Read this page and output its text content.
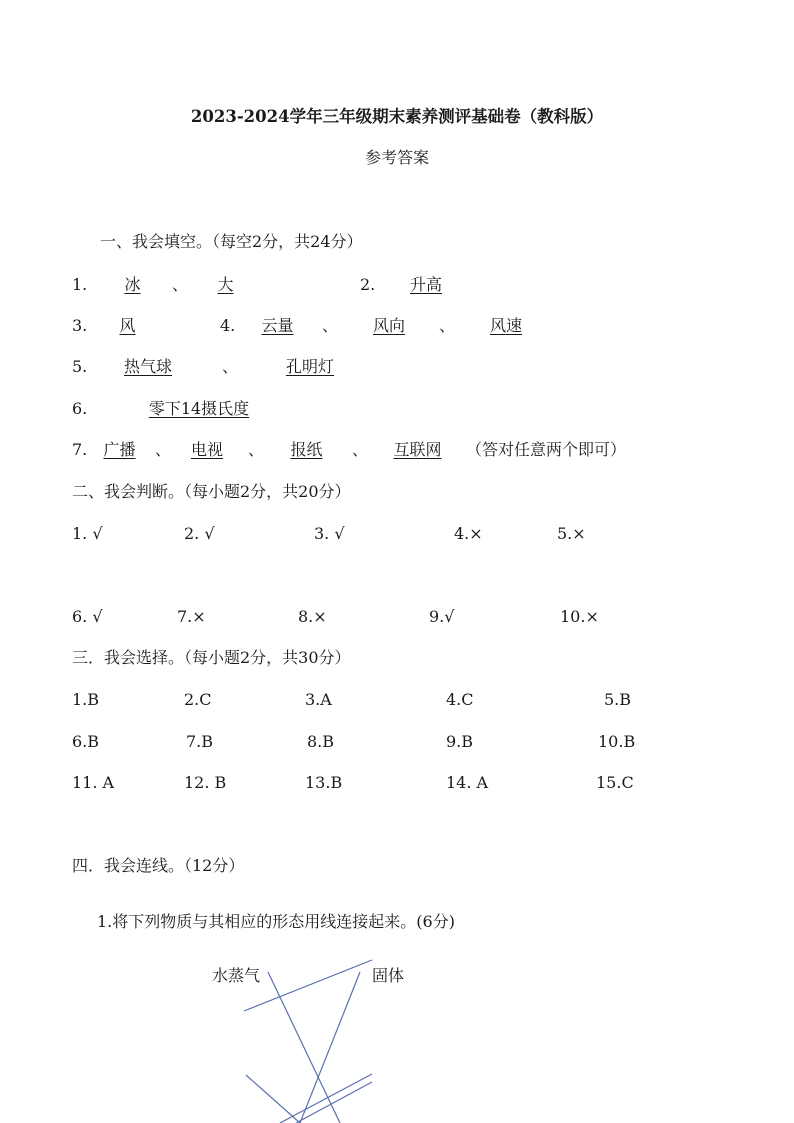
2023-2024学年三年级期末素养测评基础卷（教科版）
参考答案
一、我会填空。（每空2分，共24分）
1.	冰	、	大	2.	升高
3.	风	4.	云量	、	风向	、	风速
5.	热气球	、	孔明灯
6.	零下14摄氏度
7.	广播	、	电视	、	报纸	、	互联网	（答对任意两个即可）
二、我会判断。（每小题2分，共20分）
1. √	2. √	3. √	4.×	5.×
6. √	7.×	8.×	9.√	10.×
三．我会选择。（每小题2分，共30分）
1.B	2.C	3.A	4.C	5.B
6.B	7.B	8.B	9.B	10.B
11. A	12. B	13.B	14. A	15.C
四．我会连线。（12分）
1.将下列物质与其相应的形态用线连接起来。(6分)
水蒸气	固体
